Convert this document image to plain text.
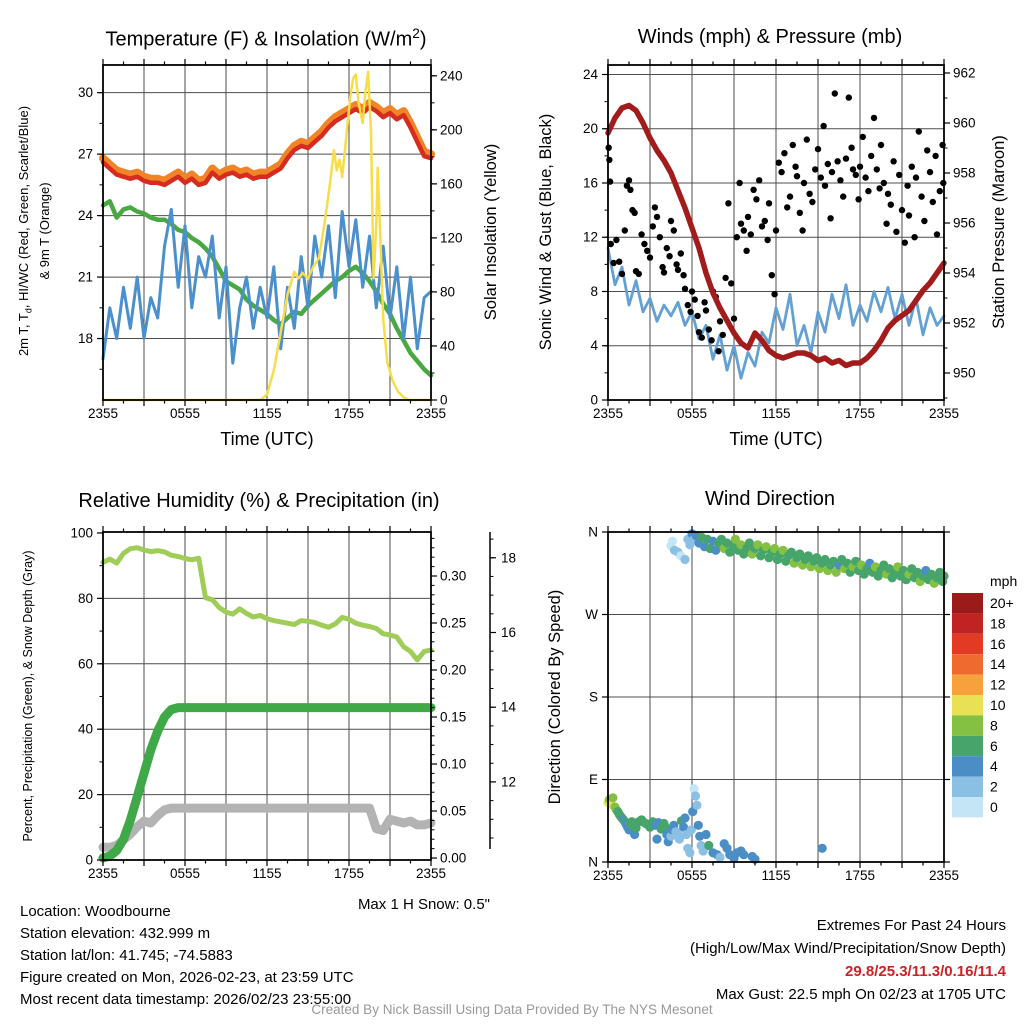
2355	0555	1155	1755	2355
30
27
24
21
18
240
200
160
120
80
40
0
2355	0555	1155	1755	2355
24
20
16
12
8
4
0
962
960
958
956
954
952
950
2355	0555	1155	1755	2355
100
80
60
40
20
0
0.30
0.25
0.20
0.15
0.10
0.05
0.00
18
16
14
12
2355	0555	1155	1755	2355
N
W
S
E
N
mph
20+
18
16
14
12
10
8
6
4
2
0
Temperature (F) & Insolation $(W/m^2)$	Winds (mph) & Pressure (mb)
Relative Humidity (%) & Precipitation (in)	Wind Direction
2m T, $T_d$, HI/WC (Red, Green, Scarlet/Blue) & 9m T (Orange)	Solar Insolation (Yellow) Sonic Wind & Gust (Blue, Black)	Station Pressure (Maroon)
Percent, Precipitation (Green), & Snow Depth (Gray)	Direction (Colored By Speed)
Time (UTC)	Time (UTC)
Max 1 H Snow: 0.5"
Location: Woodbourne
Station elevation: 432.999 m
Station lat/lon: 41.745; -74.5883
Figure created on Mon, 2026-02-23, at 23:59 UTC
Most recent data timestamp: 2026/02/23 23:55:00
Extremes For Past 24 Hours
(High/Low/Max Wind/Precipitation/Snow Depth)
29.8/25.3/11.3/0.16/11.4
Max Gust: 22.5 mph On 02/23 at 1705 UTC
Created By Nick Bassill Using Data Provided By The NYS Mesonet
